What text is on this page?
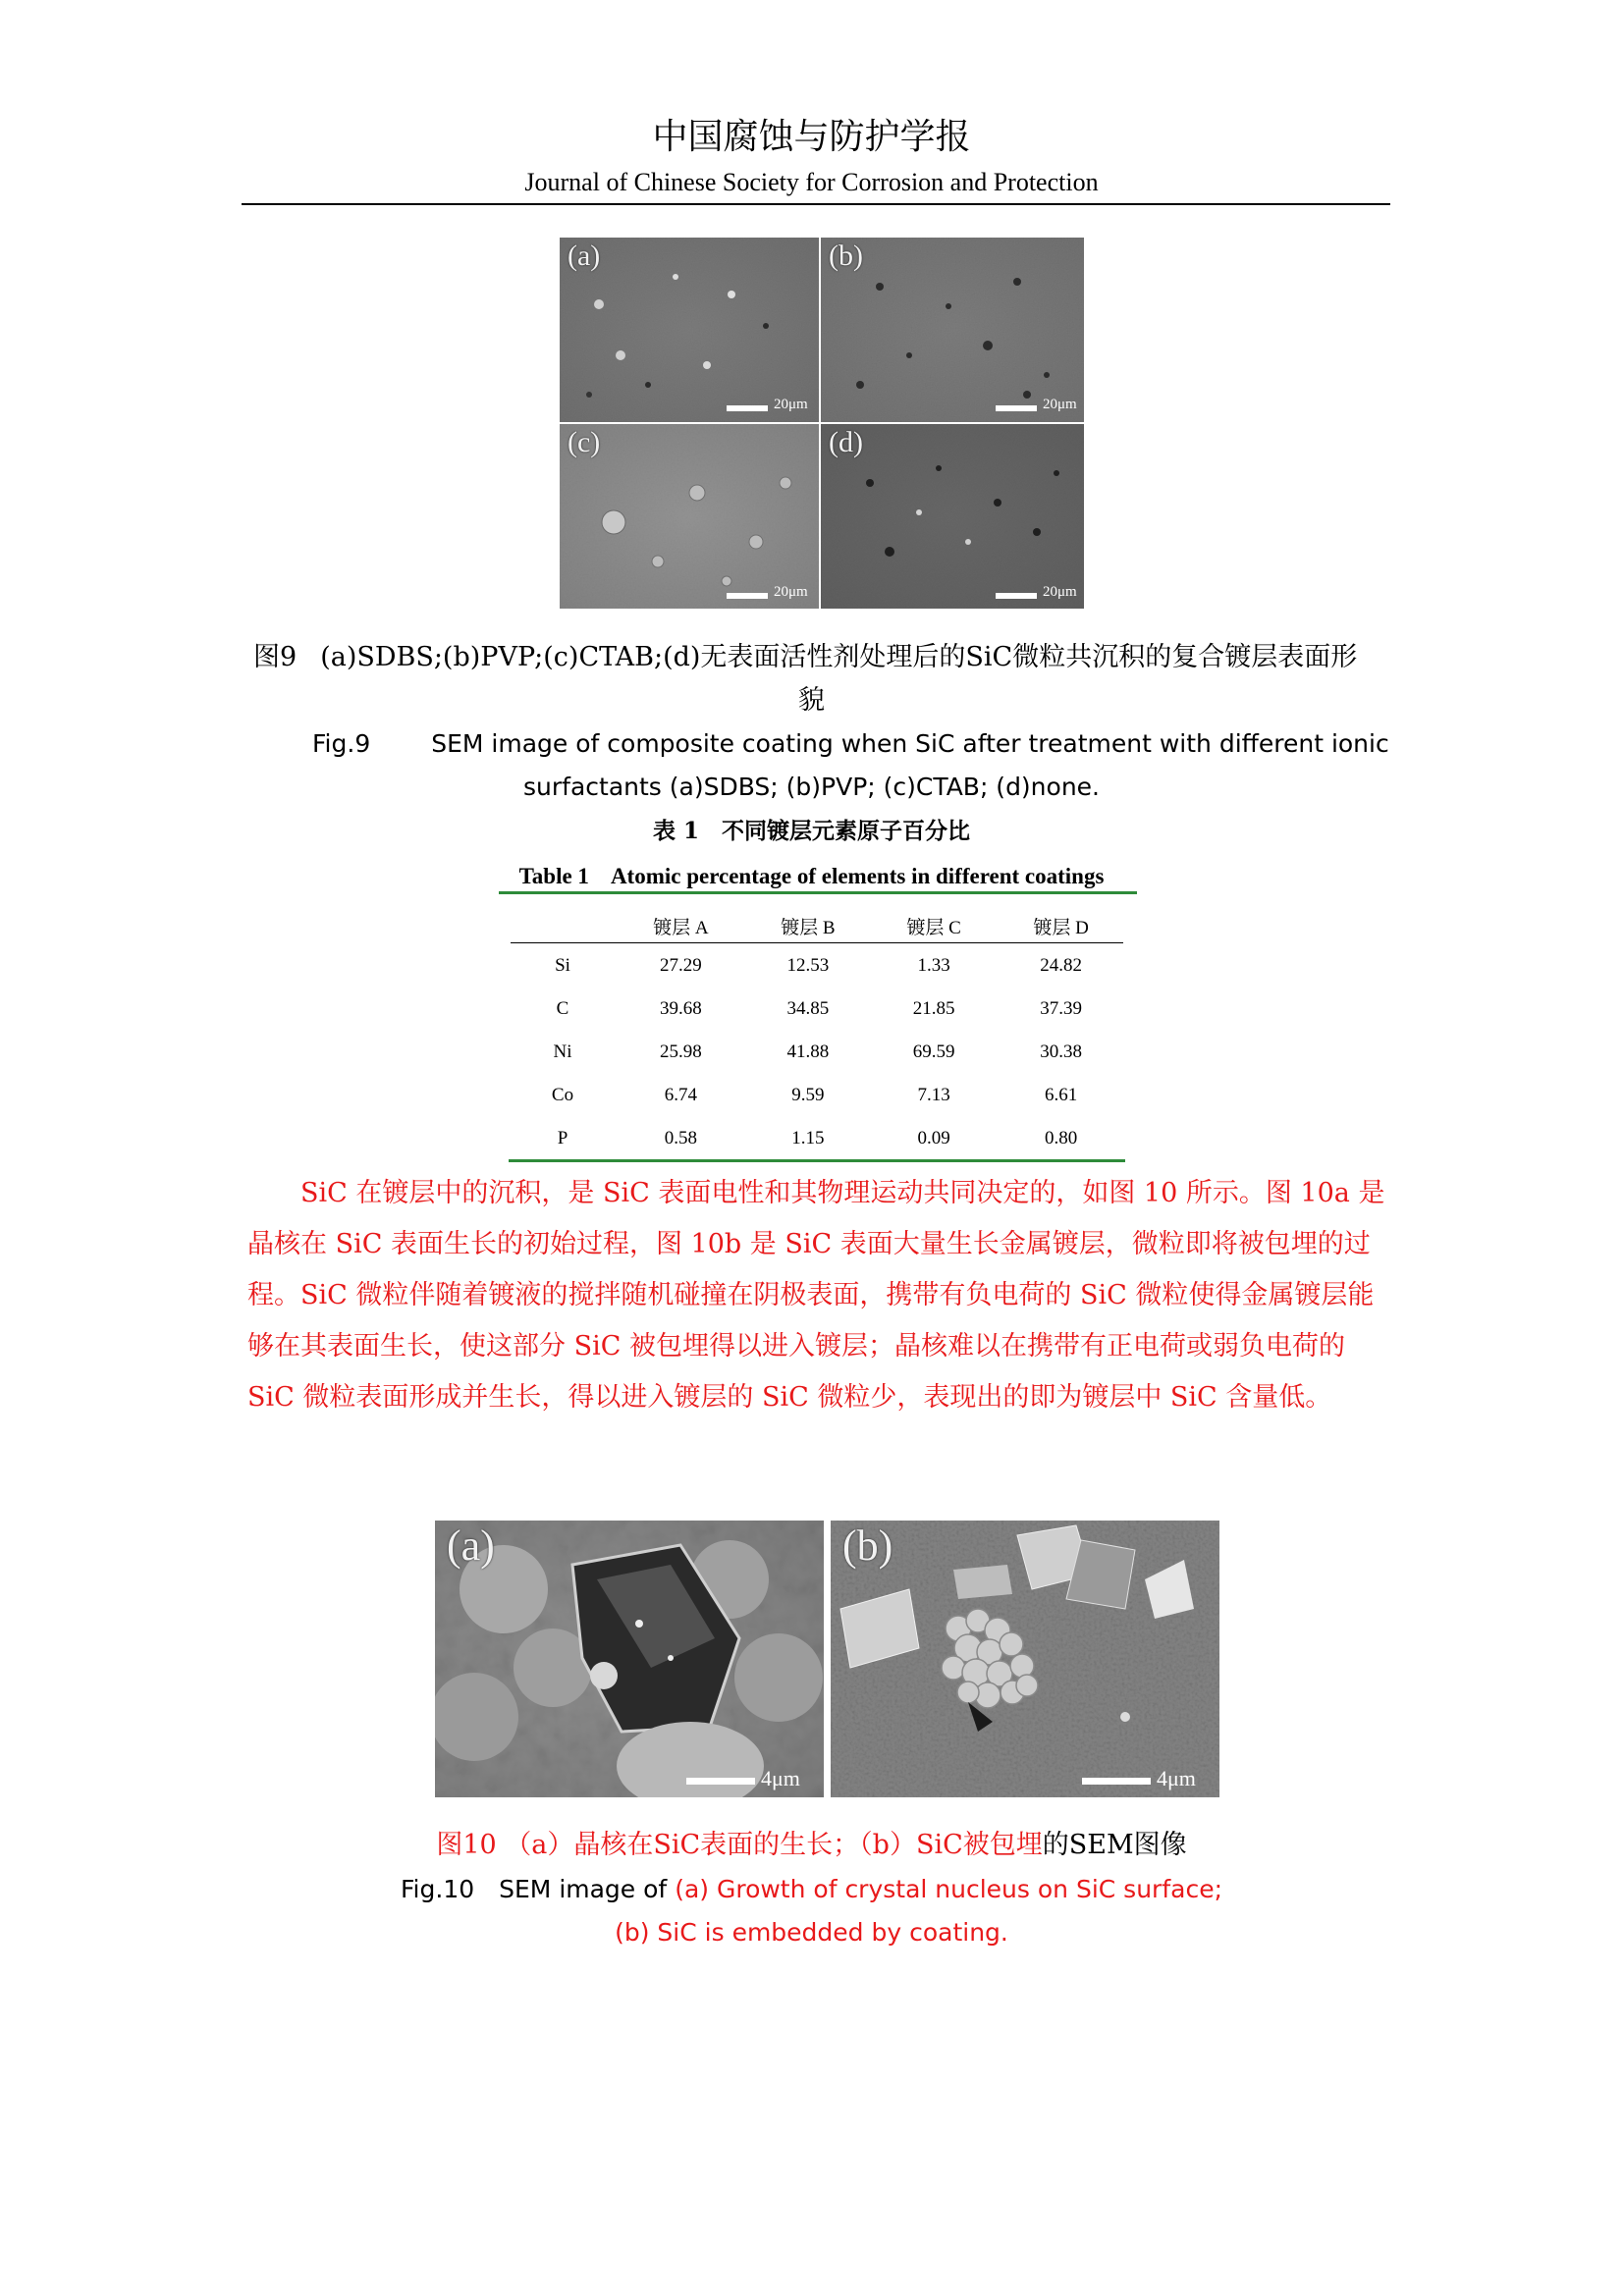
中国腐蚀与防护学报
Journal of Chinese Society for Corrosion and Protection
(a)
20μm
(b)
20μm
(c)
20μm
(d)
20μm
图9 (a)SDBS;(b)PVP;(c)CTAB;(d)无表面活性剂处理后的SiC微粒共沉积的复合镀层表面形
貌
Fig.9 SEM image of composite coating when SiC after treatment with different ionic
surfactants (a)SDBS; (b)PVP; (c)CTAB; (d)none.
表 1　不同镀层元素原子百分比
Table 1 Atomic percentage of elements in different coatings
	镀层 A	镀层 B	镀层 C	镀层 D
Si	27.29	12.53	1.33	24.82
C	39.68	34.85	21.85	37.39
Ni	25.98	41.88	69.59	30.38
Co	6.74	9.59	7.13	6.61
P	0.58	1.15	0.09	0.80

SiC 在镀层中的沉积，是 SiC 表面电性和其物理运动共同决定的，如图 10 所示。图 10a 是晶核在 SiC 表面生长的初始过程，图 10b 是 SiC 表面大量生长金属镀层，微粒即将被包埋的过程。SiC 微粒伴随着镀液的搅拌随机碰撞在阴极表面，携带有负电荷的 SiC 微粒使得金属镀层能够在其表面生长，使这部分 SiC 被包埋得以进入镀层；晶核难以在携带有正电荷或弱负电荷的 SiC 微粒表面形成并生长，得以进入镀层的 SiC 微粒少，表现出的即为镀层中 SiC 含量低。

(a)
4μm
(b)
4μm
图10 （a）晶核在SiC表面的生长；（b）SiC被包埋的SEM图像
Fig.10　SEM image of (a) Growth of crystal nucleus on SiC surface;
(b) SiC is embedded by coating.
